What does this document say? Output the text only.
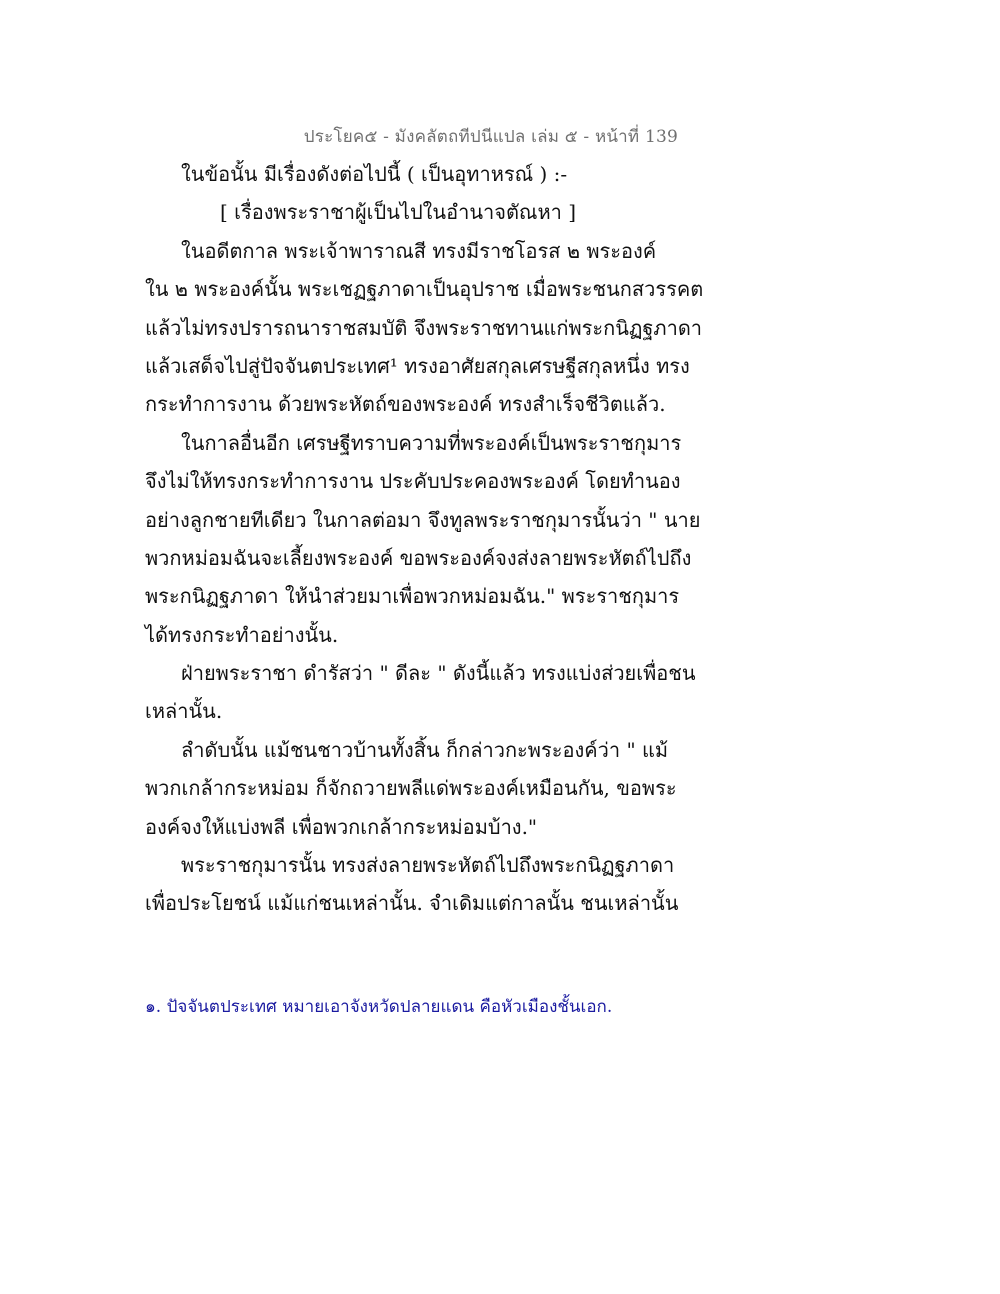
ประโยค๕ - มังคลัตถทีปนีแปล เล่ม ๕ - หน้าที่ 139
ในข้อนั้น มีเรื่องดังต่อไปนี้ ( เป็นอุทาหรณ์ ) :-
[ เรื่องพระราชาผู้เป็นไปในอำนาจตัณหา ]
ในอดีตกาล พระเจ้าพาราณสี ทรงมีราชโอรส ๒ พระองค์
ใน ๒ พระองค์นั้น พระเชฏฐภาดาเป็นอุปราช เมื่อพระชนกสวรรคต
แล้วไม่ทรงปรารถนาราชสมบัติ จึงพระราชทานแก่พระกนิฏฐภาดา
แล้วเสด็จไปสู่ปัจจันตประเทศ¹ ทรงอาศัยสกุลเศรษฐีสกุลหนึ่ง ทรง
กระทำการงาน ด้วยพระหัตถ์ของพระองค์ ทรงสำเร็จชีวิตแล้ว.
ในกาลอื่นอีก เศรษฐีทราบความที่พระองค์เป็นพระราชกุมาร
จึงไม่ให้ทรงกระทำการงาน ประคับประคองพระองค์ โดยทำนอง
อย่างลูกชายทีเดียว ในกาลต่อมา จึงทูลพระราชกุมารนั้นว่า " นาย
พวกหม่อมฉันจะเลี้ยงพระองค์ ขอพระองค์จงส่งลายพระหัตถ์ไปถึง
พระกนิฏฐภาดา ให้นำส่วยมาเพื่อพวกหม่อมฉัน." พระราชกุมาร
ได้ทรงกระทำอย่างนั้น.
ฝ่ายพระราชา ดำรัสว่า " ดีละ " ดังนี้แล้ว ทรงแบ่งส่วยเพื่อชน
เหล่านั้น.
ลำดับนั้น แม้ชนชาวบ้านทั้งสิ้น ก็กล่าวกะพระองค์ว่า " แม้
พวกเกล้ากระหม่อม ก็จักถวายพลีแด่พระองค์เหมือนกัน, ขอพระ
องค์จงให้แบ่งพลี เพื่อพวกเกล้ากระหม่อมบ้าง."
พระราชกุมารนั้น ทรงส่งลายพระหัตถ์ไปถึงพระกนิฏฐภาดา
เพื่อประโยชน์ แม้แก่ชนเหล่านั้น. จำเดิมแต่กาลนั้น ชนเหล่านั้น
๑. ปัจจันตประเทศ หมายเอาจังหวัดปลายแดน คือหัวเมืองชั้นเอก.
